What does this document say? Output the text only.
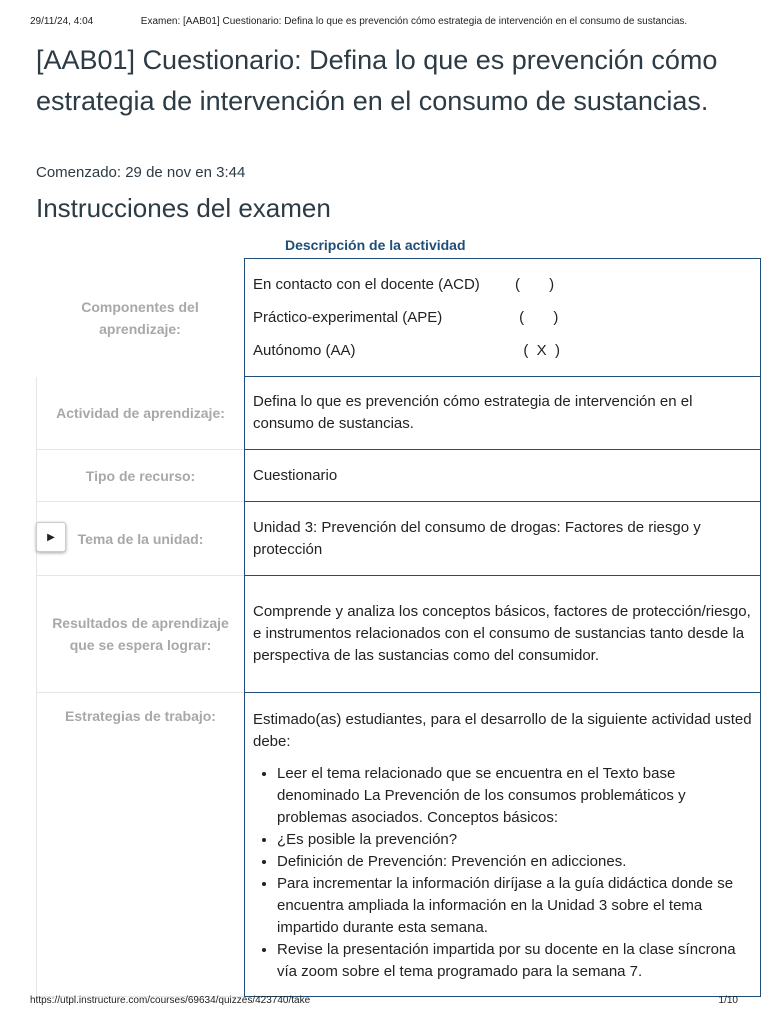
29/11/24, 4:04	Examen: [AAB01] Cuestionario: Defina lo que es prevención cómo estrategia de intervención en el consumo de sustancias.
[AAB01] Cuestionario: Defina lo que es prevención cómo estrategia de intervención en el consumo de sustancias.
Comenzado: 29 de nov en 3:44
Instrucciones del examen
Descripción de la actividad
Componentes del aprendizaje:
En contacto con el docente (ACD)	(       )
Práctico-experimental (APE)	(       )
Autónomo (AA)	(  X  )
Actividad de aprendizaje:
Defina lo que es prevención cómo estrategia de intervención en el consumo de sustancias.
Tipo de recurso:	Cuestionario
Tema de la unidad:
Unidad 3: Prevención del consumo de drogas: Factores de riesgo y protección
▶
Resultados de aprendizaje que se espera lograr:
Comprende y analiza los conceptos básicos, factores de protección/riesgo, e instrumentos relacionados con el consumo de sustancias tanto desde la perspectiva de las sustancias como del consumidor.
Estrategias de trabajo:	Estimado(as) estudiantes, para el desarrollo de la siguiente actividad usted debe:

• Leer el tema relacionado que se encuentra en el Texto base denominado La Prevención de los consumos problemáticos y problemas asociados. Conceptos básicos:
• ¿Es posible la prevención?
• Definición de Prevención: Prevención en adicciones.
• Para incrementar la información diríjase a la guía didáctica donde se encuentra ampliada la información en la Unidad 3 sobre el tema impartido durante esta semana.
• Revise la presentación impartida por su docente en la clase síncrona vía zoom sobre el tema programado para la semana 7.
https://utpl.instructure.com/courses/69634/quizzes/423740/take	1/10
